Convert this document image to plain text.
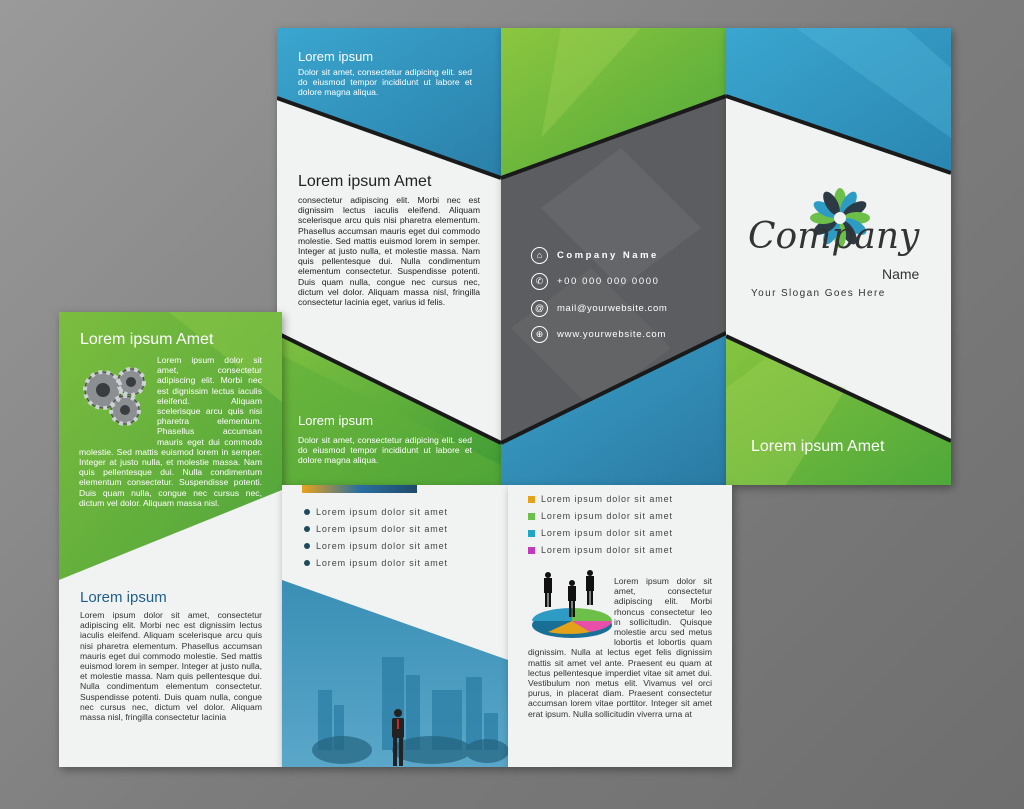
Lorem ipsum
Dolor sit amet, consectetur adipicing elit. sed do eiusmod tempor incididunt ut labore et dolore magna aliqua.
Lorem ipsum Amet
consectetur adipiscing elit. Morbi nec est dignissim lectus iaculis eleifend. Aliquam scelerisque arcu quis nisi pharetra elementum. Phasellus accumsan mauris eget dui commodo molestie. Sed mattis euismod lorem in semper. Integer at justo nulla, et molestie massa. Nam quis pellentesque dui. Nulla condimentum elementum consectetur. Suspendisse potenti. Duis quam nulla, congue nec cursus nec, dictum vel dolor. Aliquam massa nisl, fringilla consectetur lacinia eget, varius id felis.
Lorem ipsum
Dolor sit amet, consectetur adipicing elit. sed do eiusmod tempor incididunt ut labore et dolore magna aliqua.
⌂	Company Name
✆	+00 000 000 0000
@	mail@yourwebsite.com
⊕	www.yourwebsite.com
Company
Name
Your Slogan Goes Here
Lorem ipsum Amet
Lorem ipsum Amet
Lorem ipsum dolor sit amet, consectetur adipiscing elit. Morbi nec est dignissim lectus iaculis eleifend. Aliquam scelerisque arcu quis nisi pharetra elementum. Phasellus accumsan mauris eget dui commodo molestie. Sed mattis euismod lorem in semper. Integer at justo nulla, et molestie massa. Nam quis pellentesque dui. Nulla condimentum elementum consectetur. Suspendisse potenti. Duis quam nulla, congue nec cursus nec, dictum vel dolor. Aliquam massa nisl.
Lorem ipsum
Lorem ipsum dolor sit amet, consectetur adipiscing elit. Morbi nec est dignissim lectus iaculis eleifend. Aliquam scelerisque arcu quis nisi pharetra elementum. Phasellus accumsan mauris eget dui commodo molestie. Sed mattis euismod lorem in semper. Integer at justo nulla, et molestie massa. Nam quis pellentesque dui. Nulla condimentum elementum consectetur. Suspendisse potenti. Duis quam nulla, congue nec cursus nec, dictum vel dolor. Aliquam massa nisl, fringilla consectetur lacinia
Lorem ipsum dolor sit amet
Lorem ipsum dolor sit amet
Lorem ipsum dolor sit amet
Lorem ipsum dolor sit amet
Lorem ipsum dolor sit amet
Lorem ipsum dolor sit amet
Lorem ipsum dolor sit amet
Lorem ipsum dolor sit amet
Lorem ipsum dolor sit amet, consectetur adipiscing elit. Morbi rhoncus consectetur leo in sollicitudin. Quisque molestie arcu sed metus lobortis et lobortis quam dignissim. Nulla at lectus eget felis dignissim mattis sit amet vel ante. Praesent eu quam at lectus pellentesque imperdiet vitae sit amet dui. Vestibulum non metus elit. Vivamus vel orci purus, in placerat diam. Praesent consectetur accumsan lorem vitae porttitor. Integer sit amet erat ipsum. Nulla sollicitudin viverra urna at
